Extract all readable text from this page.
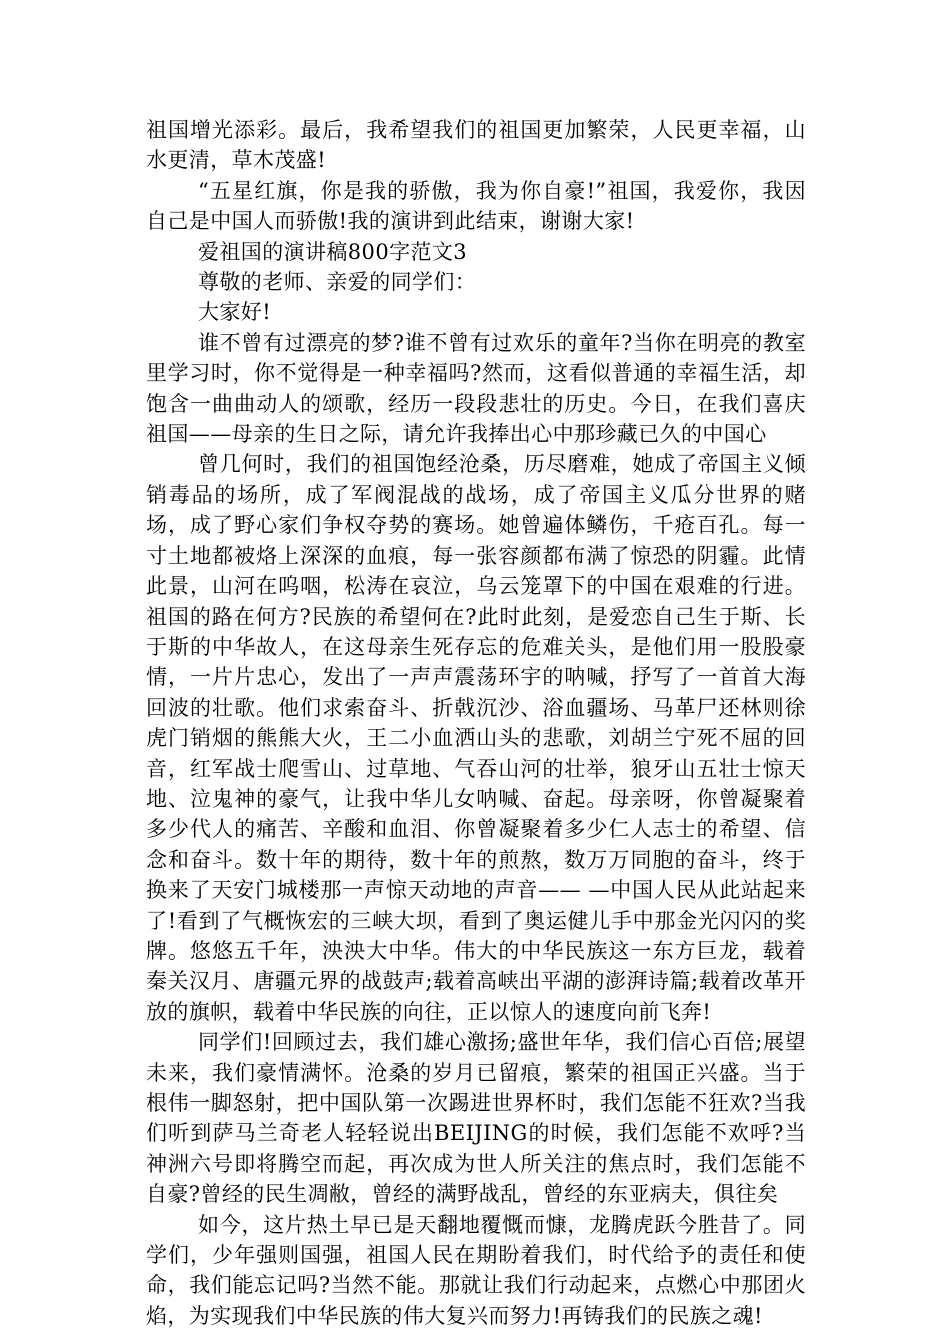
祖国增光添彩。最后，我希望我们的祖国更加繁荣，人民更幸福，山水更清，草木茂盛!

“五星红旗，你是我的骄傲，我为你自豪!”祖国，我爱你，我因自己是中国人而骄傲!我的演讲到此结束，谢谢大家!

爱祖国的演讲稿800字范文3

尊敬的老师、亲爱的同学们：

大家好!

谁不曾有过漂亮的梦?谁不曾有过欢乐的童年?当你在明亮的教室里学习时，你不觉得是一种幸福吗?然而，这看似普通的幸福生活，却饱含一曲曲动人的颂歌，经历一段段悲壮的历史。今日，在我们喜庆祖国——母亲的生日之际，请允许我捧出心中那珍藏已久的中国心

曾几何时，我们的祖国饱经沧桑，历尽磨难，她成了帝国主义倾销毒品的场所，成了军阀混战的战场，成了帝国主义瓜分世界的赌场，成了野心家们争权夺势的赛场。她曾遍体鳞伤，千疮百孔。每一寸土地都被烙上深深的血痕，每一张容颜都布满了惊恐的阴霾。此情此景，山河在呜咽，松涛在哀泣，乌云笼罩下的中国在艰难的行进。祖国的路在何方?民族的希望何在?此时此刻，是爱恋自己生于斯、长于斯的中华故人，在这母亲生死存忘的危难关头，是他们用一股股豪情，一片片忠心，发出了一声声震荡环宇的呐喊，抒写了一首首大海回波的壮歌。他们求索奋斗、折戟沉沙、浴血疆场、马革尸还林则徐虎门销烟的熊熊大火，王二小血洒山头的悲歌，刘胡兰宁死不屈的回音，红军战士爬雪山、过草地、气吞山河的壮举，狼牙山五壮士惊天地、泣鬼神的豪气，让我中华儿女呐喊、奋起。母亲呀，你曾凝聚着多少代人的痛苦、辛酸和血泪、你曾凝聚着多少仁人志士的希望、信念和奋斗。数十年的期待，数十年的煎熬，数万万同胞的奋斗，终于换来了天安门城楼那一声惊天动地的声音—— —中国人民从此站起来了!看到了气概恢宏的三峡大坝，看到了奥运健儿手中那金光闪闪的奖牌。悠悠五千年，泱泱大中华。伟大的中华民族这一东方巨龙，载着秦关汉月、唐疆元界的战鼓声;载着高峡出平湖的澎湃诗篇;载着改革开放的旗帜，载着中华民族的向往，正以惊人的速度向前飞奔!

同学们!回顾过去，我们雄心激扬;盛世年华，我们信心百倍;展望未来，我们豪情满怀。沧桑的岁月已留痕，繁荣的祖国正兴盛。当于根伟一脚怒射，把中国队第一次踢进世界杯时，我们怎能不狂欢?当我们听到萨马兰奇老人轻轻说出BEIJING的时候，我们怎能不欢呼?当神洲六号即将腾空而起，再次成为世人所关注的焦点时，我们怎能不自豪?曾经的民生凋敝，曾经的满野战乱，曾经的东亚病夫，俱往矣

如今，这片热土早已是天翻地覆慨而慷，龙腾虎跃今胜昔了。同学们，少年强则国强，祖国人民在期盼着我们，时代给予的责任和使命，我们能忘记吗?当然不能。那就让我们行动起来，点燃心中那团火焰，为实现我们中华民族的伟大复兴而努力!再铸我们的民族之魂!
